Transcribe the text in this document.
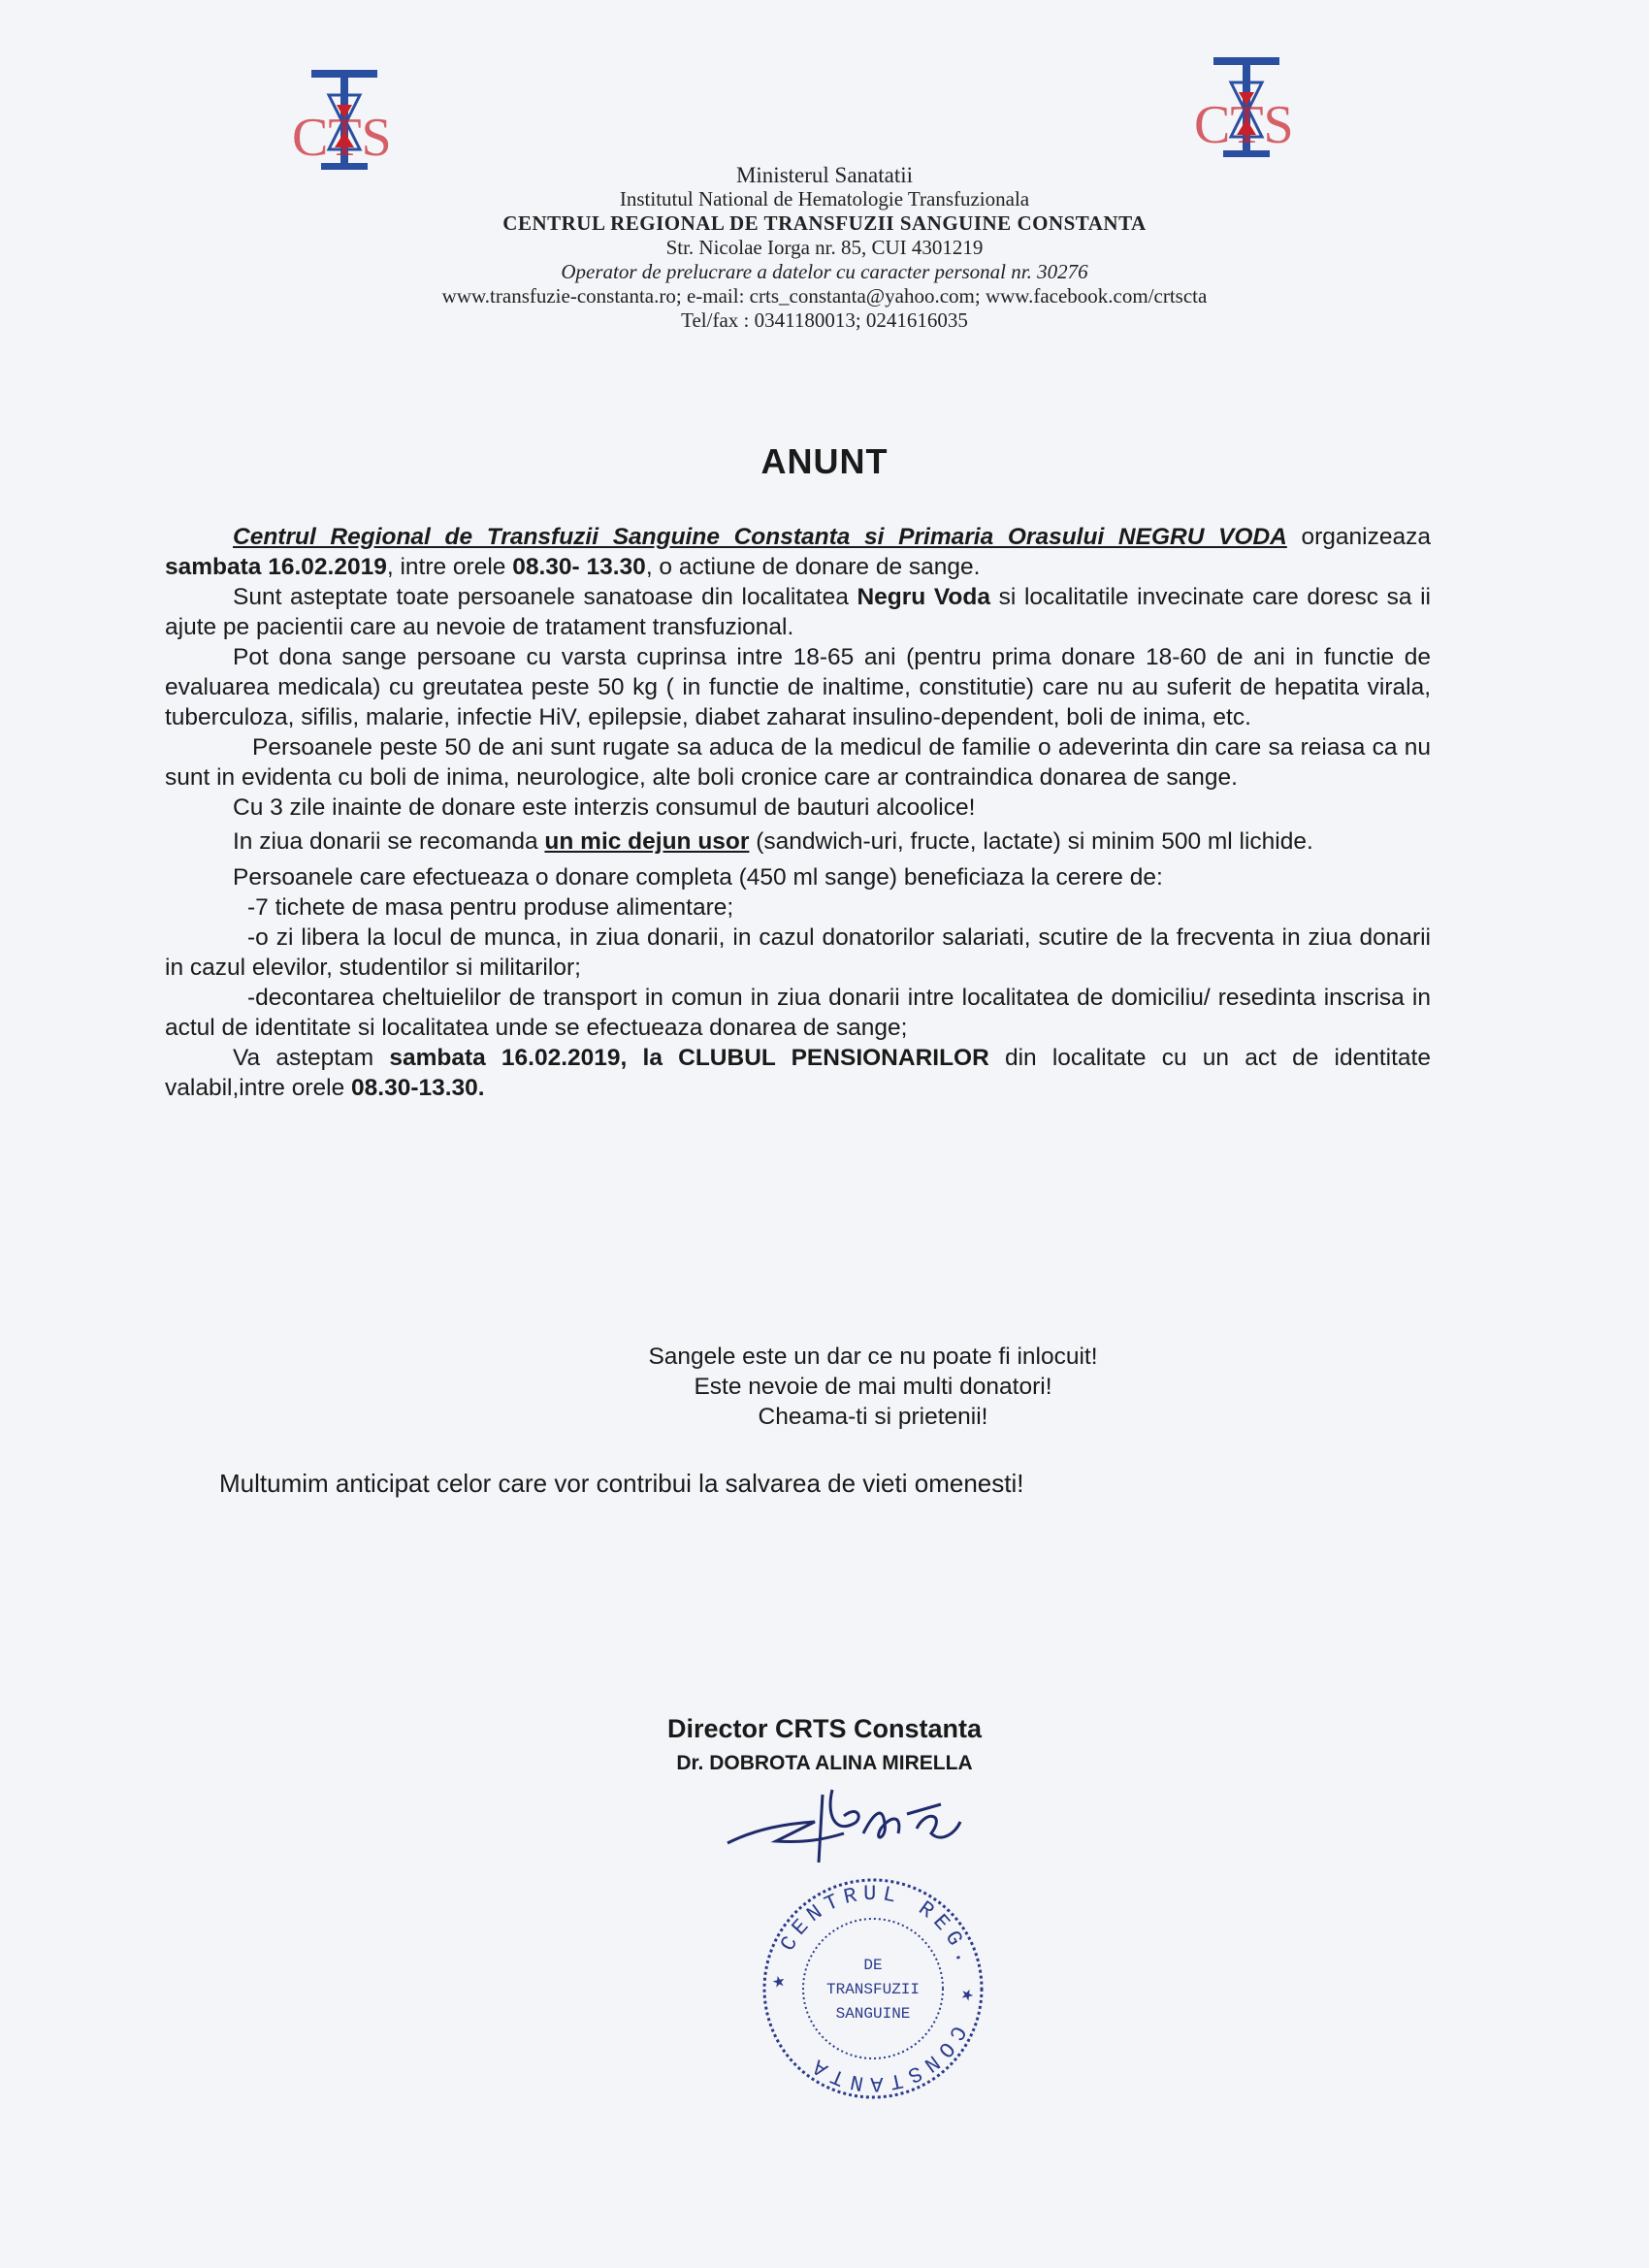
CTS	CTS
Ministerul Sanatatii
Institutul National de Hematologie Transfuzionala
CENTRUL REGIONAL DE TRANSFUZII SANGUINE CONSTANTA
Str. Nicolae Iorga nr. 85, CUI 4301219
Operator de prelucrare a datelor cu caracter personal nr. 30276
www.transfuzie-constanta.ro; e-mail: crts_constanta@yahoo.com; www.facebook.com/crtscta
Tel/fax : 0341180013; 0241616035
ANUNT

Centrul Regional de Transfuzii Sanguine Constanta si Primaria Orasului NEGRU VODA organizeaza sambata 16.02.2019, intre orele 08.30- 13.30, o actiune de donare de sange.

Sunt asteptate toate persoanele sanatoase din localitatea Negru Voda si localitatile invecinate care doresc sa ii ajute pe pacientii care au nevoie de tratament transfuzional.

Pot dona sange persoane cu varsta cuprinsa intre 18-65 ani (pentru prima donare 18-60 de ani in functie de evaluarea medicala) cu greutatea peste 50 kg ( in functie de inaltime, constitutie) care nu au suferit de hepatita virala, tuberculoza, sifilis, malarie, infectie HiV, epilepsie, diabet zaharat insulino-dependent, boli de inima, etc.

Persoanele peste 50 de ani sunt rugate sa aduca de la medicul de familie o adeverinta din care sa reiasa ca nu sunt in evidenta cu boli de inima, neurologice, alte boli cronice care ar contraindica donarea de sange.

Cu 3 zile inainte de donare este interzis consumul de bauturi alcoolice!

In ziua donarii se recomanda un mic dejun usor (sandwich-uri, fructe, lactate) si minim 500 ml lichide.

Persoanele care efectueaza o donare completa (450 ml sange) beneficiaza la cerere de:

-7 tichete de masa pentru produse alimentare;

-o zi libera la locul de munca, in ziua donarii, in cazul donatorilor salariati, scutire de la frecventa in ziua donarii in cazul elevilor, studentilor si militarilor;

-decontarea cheltuielilor de transport in comun in ziua donarii intre localitatea de domiciliu/ resedinta inscrisa in actul de identitate si localitatea unde se efectueaza donarea de sange;

Va asteptam sambata 16.02.2019, la CLUBUL PENSIONARILOR din localitate cu un act de identitate valabil,intre orele 08.30-13.30.

Sangele este un dar ce nu poate fi inlocuit!
Este nevoie de mai multi donatori!
Cheama-ti si prietenii!
Multumim anticipat celor care vor contribui la salvarea de vieti omenesti!
Director CRTS Constanta
Dr. DOBROTA ALINA MIRELLA
★ CENTRUL REG. ★ CONSTANTA
DE
TRANSFUZII
SANGUINE
